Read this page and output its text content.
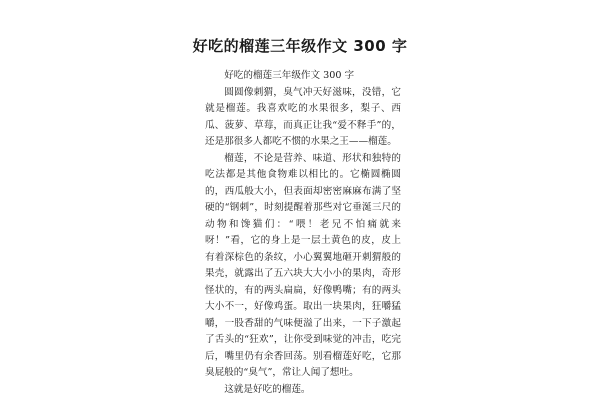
好吃的榴莲三年级作文 300 字

好吃的榴莲三年级作文 300 字

圆圆像刺猬，臭气冲天好滋味，没错，它就是榴莲。我喜欢吃的水果很多，梨子、西瓜、菠萝、草莓，而真正让我“爱不释手”的，还是那很多人都吃不惯的水果之王——榴莲。

榴莲，不论是营养、味道、形状和独特的吃法都是其他食物难以相比的。它椭圆椭圆的，西瓜般大小，但表面却密密麻麻布满了坚硬的“钢刺”，时刻提醒着那些对它垂涎三尺的动物和馋猫们：“喂！老兄不怕痛就来呀！”看，它的身上是一层土黄色的皮，皮上有着深棕色的条纹，小心翼翼地砸开刺猬般的果壳，就露出了五六块大大小小的果肉，奇形怪状的，有的两头扁扁，好像鸭嘴；有的两头大小不一，好像鸡蛋。取出一块果肉，狂嚼猛嚼，一股香甜的气味便溢了出来，一下子激起了舌头的“狂欢”，让你受到味觉的冲击，吃完后，嘴里仍有余香回荡。别看榴莲好吃，它那臭屁般的“臭气”，常让人闻了想吐。

这就是好吃的榴莲。
